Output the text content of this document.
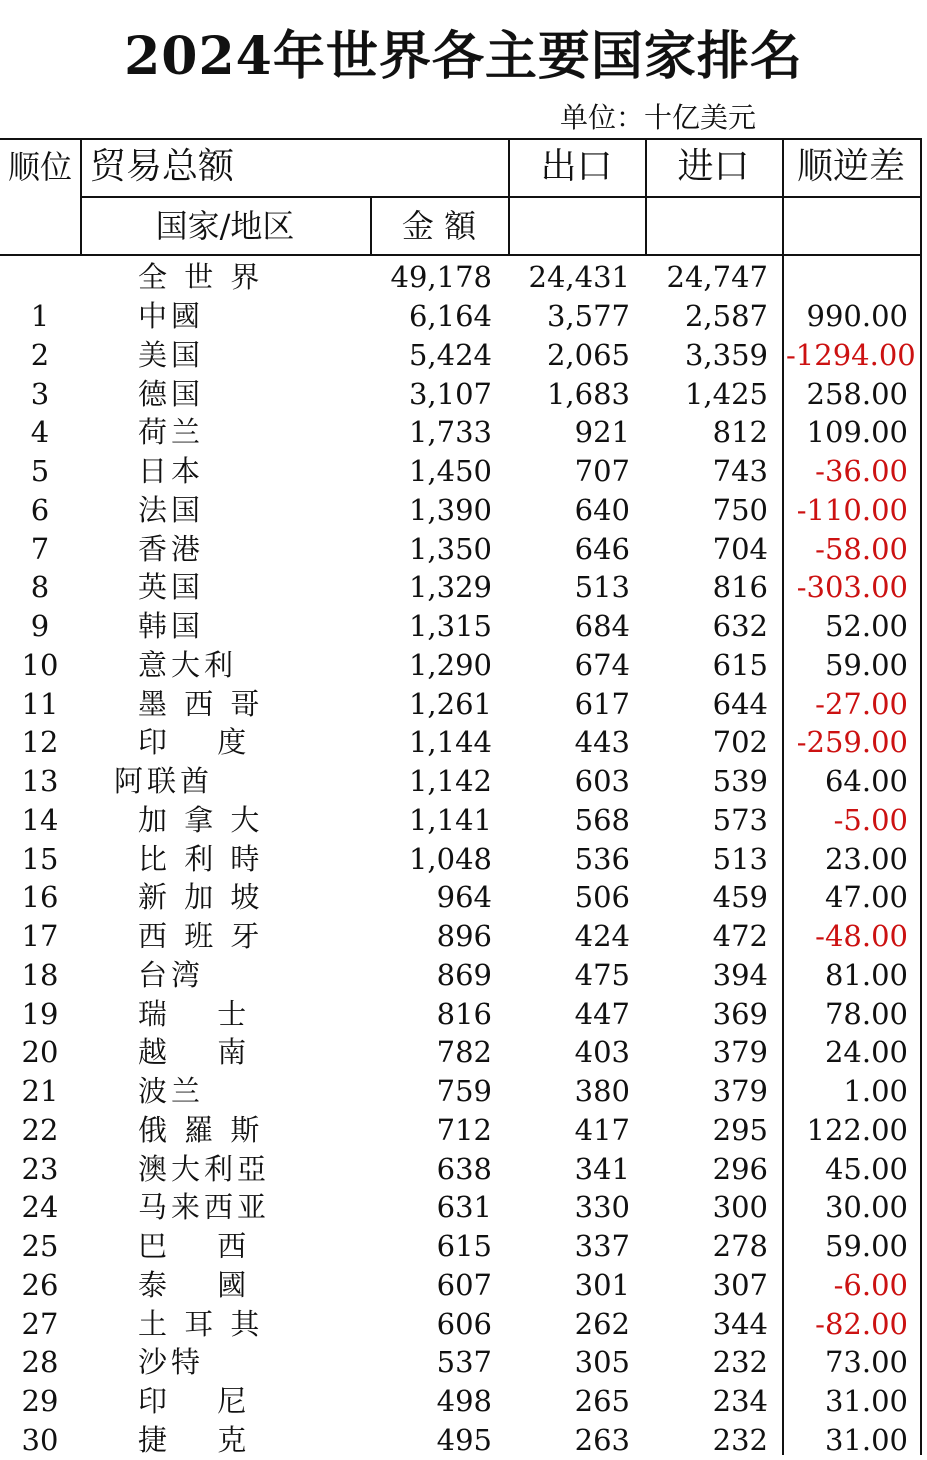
2024年世界各主要国家排名
单位：十亿美元
顺位 贸易总额	出口	进口	顺逆差
国家/地区	金 額
全 世 界	49,178	24,431	24,747
1	中國	6,164	3,577	2,587	990.00
2	美国	5,424	2,065	3,359 -1294.00
3	德国	3,107	1,683	1,425	258.00
4	荷兰	1,733	921	812	109.00
5	日本	1,450	707	743	-36.00
6	法国	1,390	640	750 -110.00
7	香港	1,350	646	704	-58.00
8	英国	1,329	513	816 -303.00
9	韩国	1,315	684	632	52.00
10	意大利	1,290	674	615	59.00
11	墨 西 哥	1,261	617	644	-27.00
12	印　 度	1,144	443	702 -259.00
13	阿联酋	1,142	603	539	64.00
14	加 拿 大	1,141	568	573	-5.00
15	比 利 時	1,048	536	513	23.00
16	新 加 坡	964	506	459	47.00
17	西 班 牙	896	424	472	-48.00
18	台湾	869	475	394	81.00
19	瑞　 士	816	447	369	78.00
20	越　 南	782	403	379	24.00
21	波兰	759	380	379	1.00
22	俄 羅 斯	712	417	295	122.00
23	澳大利亞	638	341	296	45.00
24	马来西亚	631	330	300	30.00
25	巴　 西	615	337	278	59.00
26	泰　 國	607	301	307	-6.00
27	土 耳 其	606	262	344	-82.00
28	沙特	537	305	232	73.00
29	印　 尼	498	265	234	31.00
30	捷　 克	495	263	232	31.00
